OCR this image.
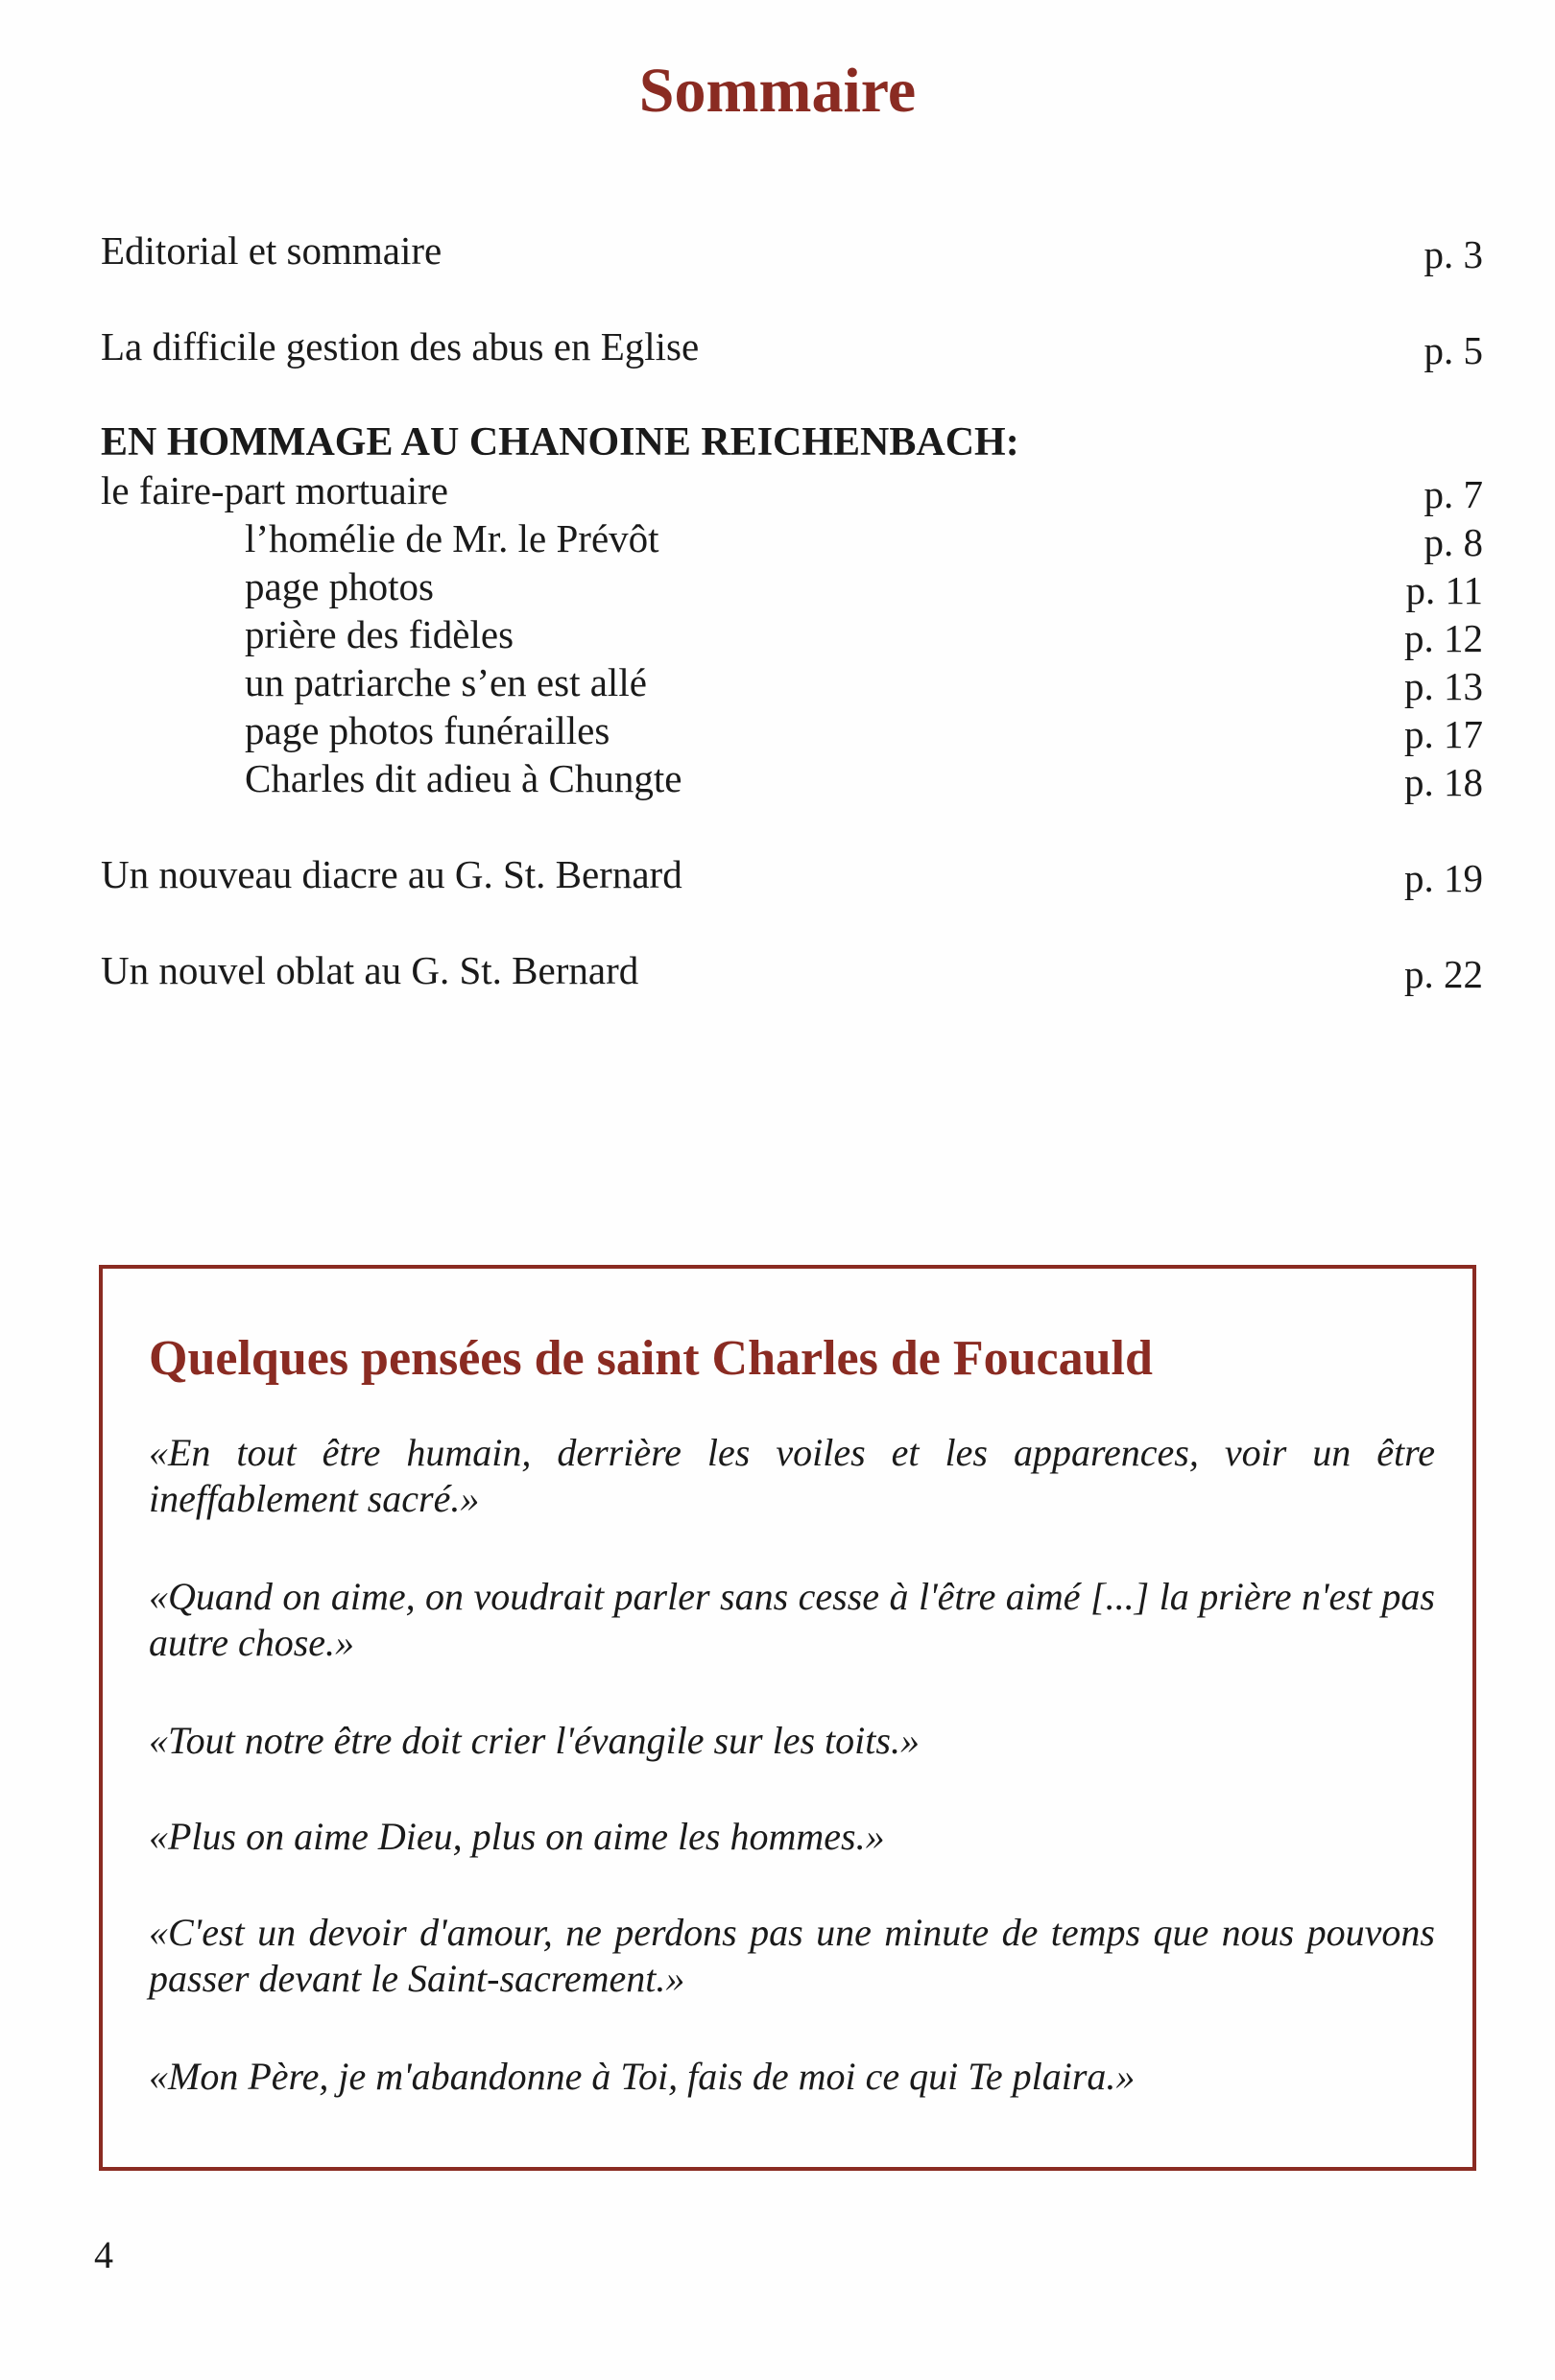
Sommaire
Editorial et sommaire	p. 3
La difficile gestion des abus en Eglise	p. 5
EN HOMMAGE AU CHANOINE REICHENBACH:
le faire-part mortuaire	p. 7
l’homélie de Mr. le Prévôt	p. 8
page photos	p. 11
prière des fidèles	p. 12
un patriarche s’en est allé	p. 13
page photos funérailles	p. 17
Charles dit adieu à Chungte	p. 18
Un nouveau diacre au G. St. Bernard	p. 19
Un nouvel oblat au G. St. Bernard	p. 22
Quelques pensées de saint Charles de Foucauld
«En tout être humain, derrière les voiles et les apparences, voir un être ineffablement sacré.»
«Quand on aime, on voudrait parler sans cesse à l'être aimé [...] la prière n'est pas autre chose.»
«Tout notre être doit crier l'évangile sur les toits.»
«Plus on aime Dieu, plus on aime les hommes.»
«C'est un devoir d'amour, ne perdons pas une minute de temps que nous pouvons passer devant le Saint-sacrement.»
«Mon Père, je m'abandonne à Toi, fais de moi ce qui Te plaira.»
4
